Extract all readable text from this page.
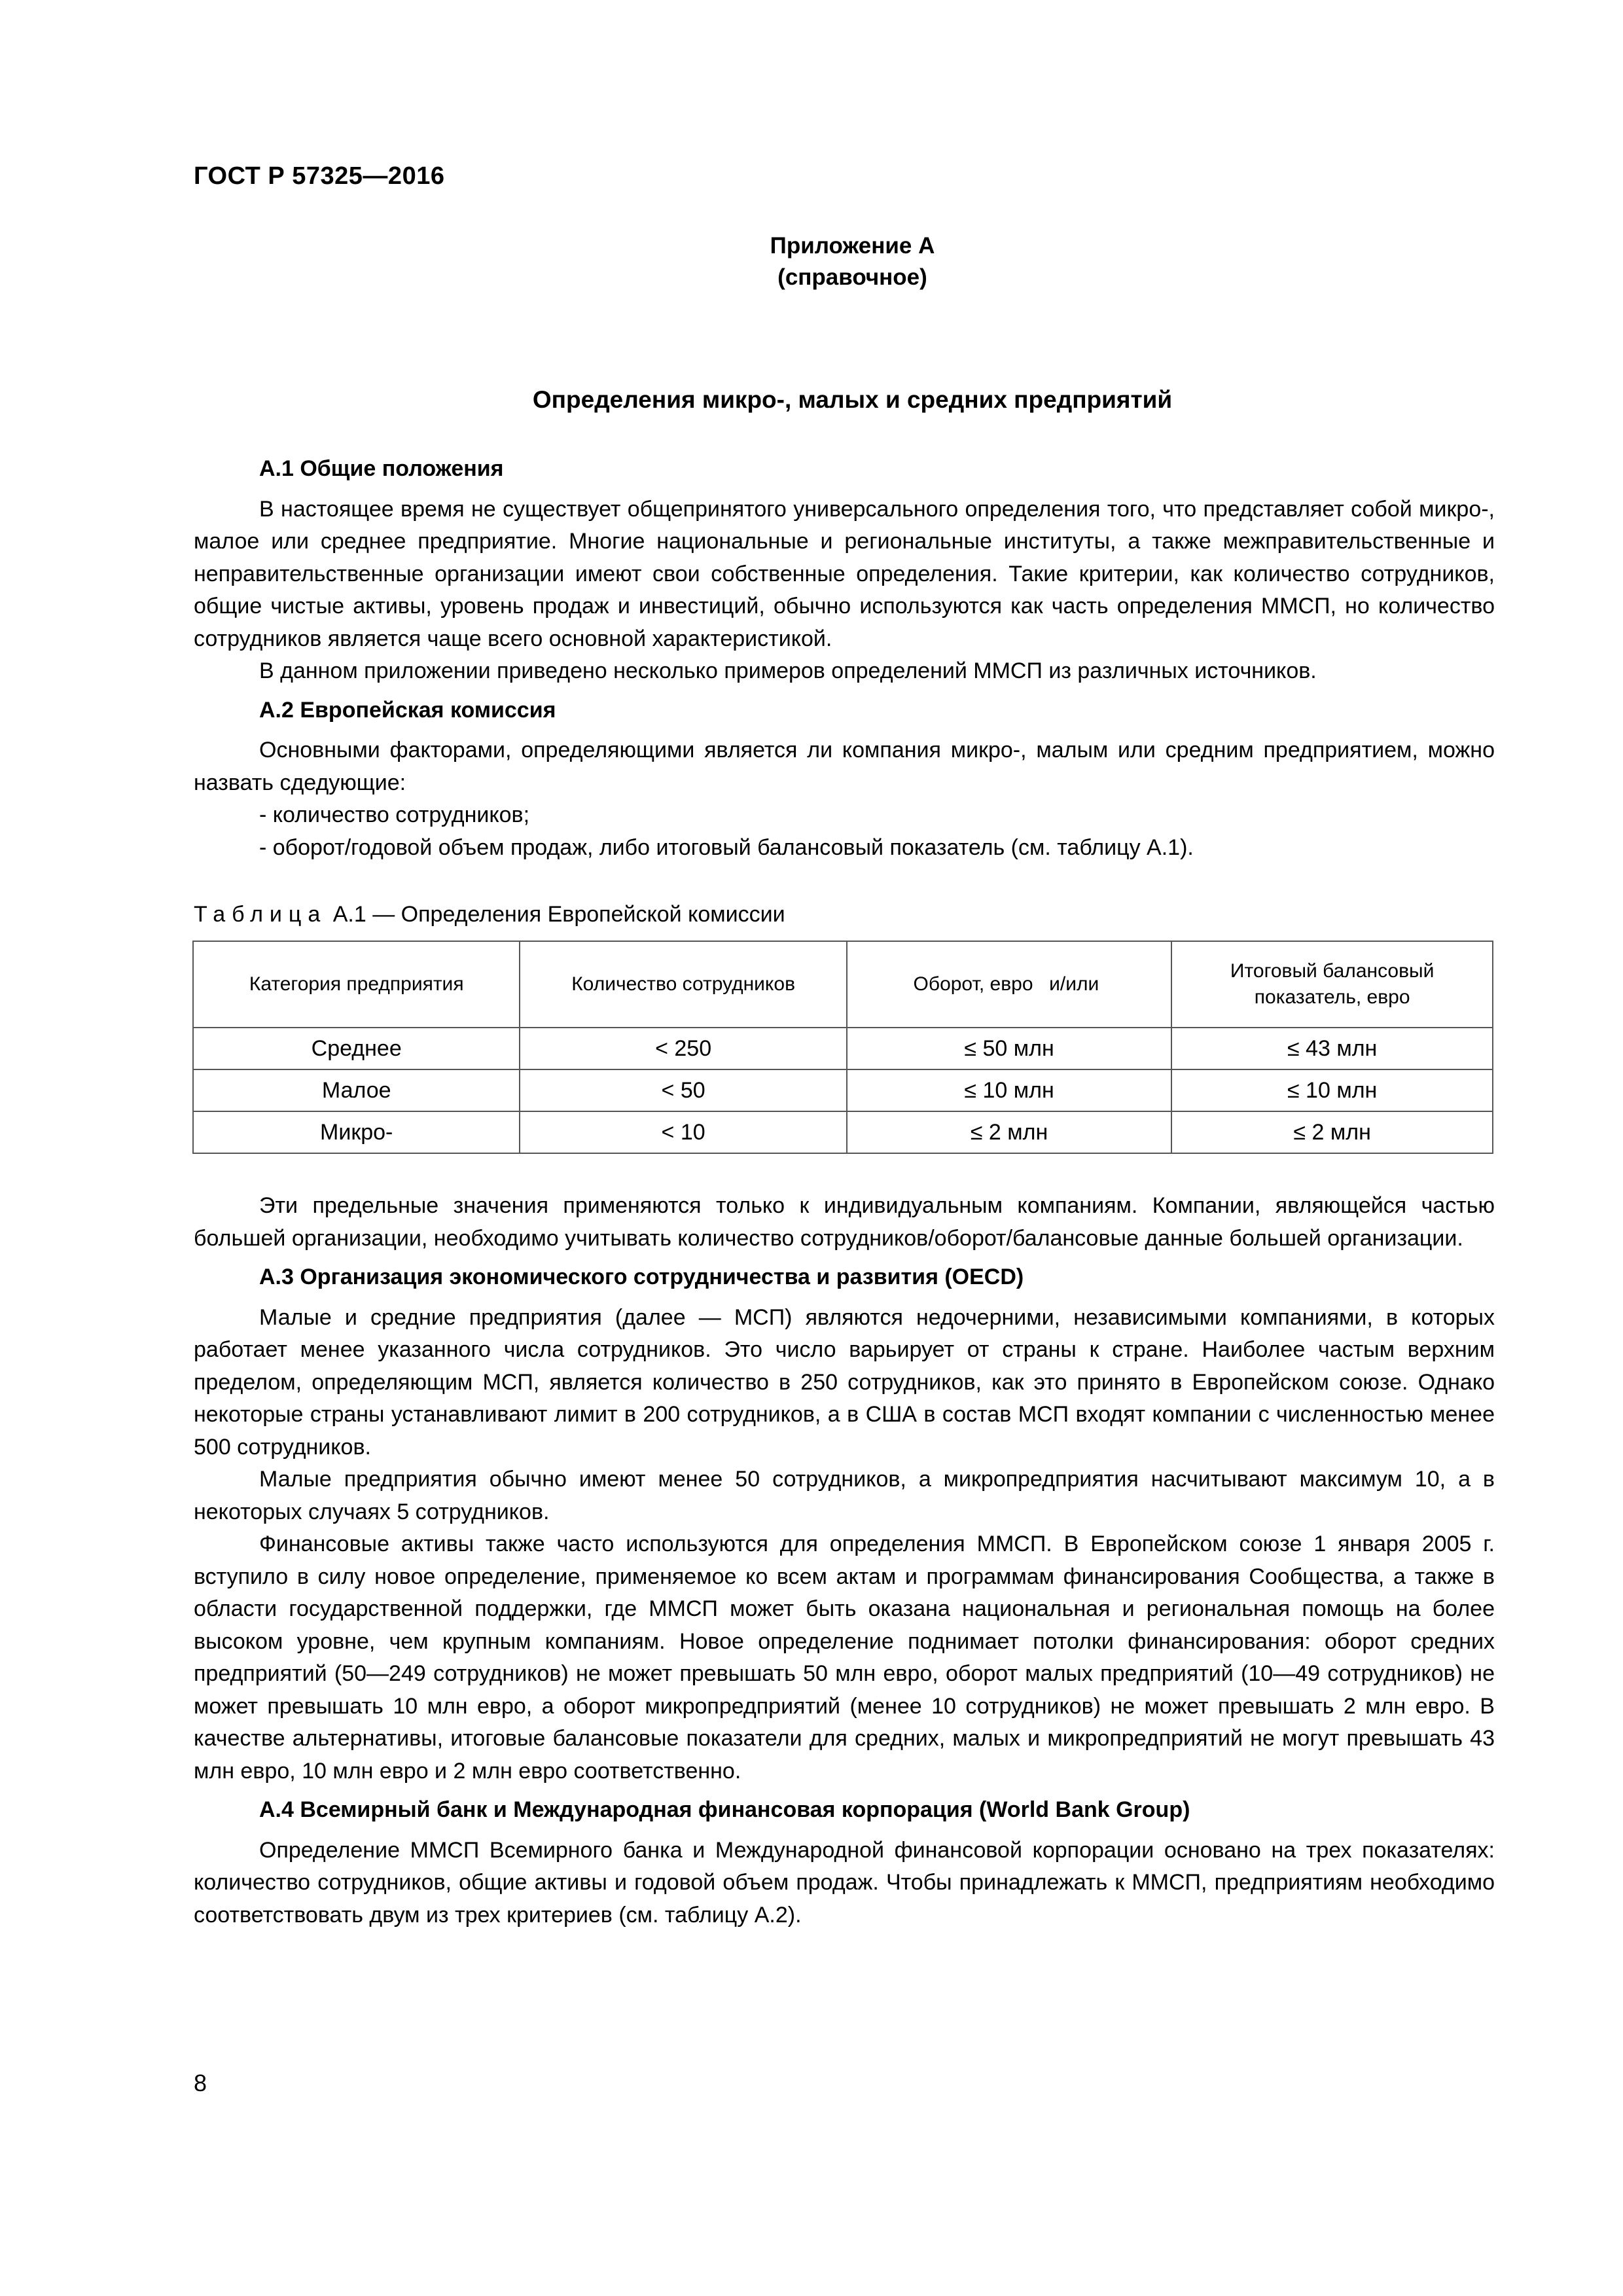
ГОСТ Р 57325—2016
Приложение А
(справочное)
Определения микро-, малых и средних предприятий

А.1 Общие положения

В настоящее время не существует общепринятого универсального определения того, что представляет собой микро-, малое или среднее предприятие. Многие национальные и региональные институты, а также межправительственные и неправительственные организации имеют свои собственные определения. Такие критерии, как количество сотрудников, общие чистые активы, уровень продаж и инвестиций, обычно используются как часть определения ММСП, но количество сотрудников является чаще всего основной характеристикой.

В данном приложении приведено несколько примеров определений ММСП из различных источников.

А.2 Европейская комиссия

Основными факторами, определяющими является ли компания микро-, малым или средним предприятием, можно назвать сдедующие:

- количество сотрудников;

- оборот/годовой объем продаж, либо итоговый балансовый показатель (см. таблицу А.1).

Таблица А.1 — Определения Европейской комиссии
Категория предприятия	Количество сотрудников	Оборот, евро и/или	Итоговый балансовый показатель, евро
Среднее	< 250	≤ 50 млн	≤ 43 млн
Малое	< 50	≤ 10 млн	≤ 10 млн
Микро-	< 10	≤ 2 млн	≤ 2 млн

Эти предельные значения применяются только к индивидуальным компаниям. Компании, являющейся частью большей организации, необходимо учитывать количество сотрудников/оборот/балансовые данные большей организации.

А.3 Организация экономического сотрудничества и развития (OECD)

Малые и средние предприятия (далее — МСП) являются недочерними, независимыми компаниями, в которых работает менее указанного числа сотрудников. Это число варьирует от страны к стране. Наиболее частым верхним пределом, определяющим МСП, является количество в 250 сотрудников, как это принято в Европейском союзе. Однако некоторые страны устанавливают лимит в 200 сотрудников, а в США в состав МСП входят компании с численностью менее 500 сотрудников.

Малые предприятия обычно имеют менее 50 сотрудников, а микропредприятия насчитывают максимум 10, а в некоторых случаях 5 сотрудников.

Финансовые активы также часто используются для определения ММСП. В Европейском союзе 1 января 2005 г. вступило в силу новое определение, применяемое ко всем актам и программам финансирования Сообщества, а также в области государственной поддержки, где ММСП может быть оказана национальная и региональная помощь на более высоком уровне, чем крупным компаниям. Новое определение поднимает потолки финансирования: оборот средних предприятий (50—249 сотрудников) не может превышать 50 млн евро, оборот малых предприятий (10—49 сотрудников) не может превышать 10 млн евро, а оборот микропредприятий (менее 10 сотрудников) не может превышать 2 млн евро. В качестве альтернативы, итоговые балансовые показатели для средних, малых и микропредприятий не могут превышать 43 млн евро, 10 млн евро и 2 млн евро соответственно.

А.4 Всемирный банк и Международная финансовая корпорация (World Bank Group)

Определение ММСП Всемирного банка и Международной финансовой корпорации основано на трех показателях: количество сотрудников, общие активы и годовой объем продаж. Чтобы принадлежать к ММСП, предприятиям необходимо соответствовать двум из трех критериев (см. таблицу А.2).

8
